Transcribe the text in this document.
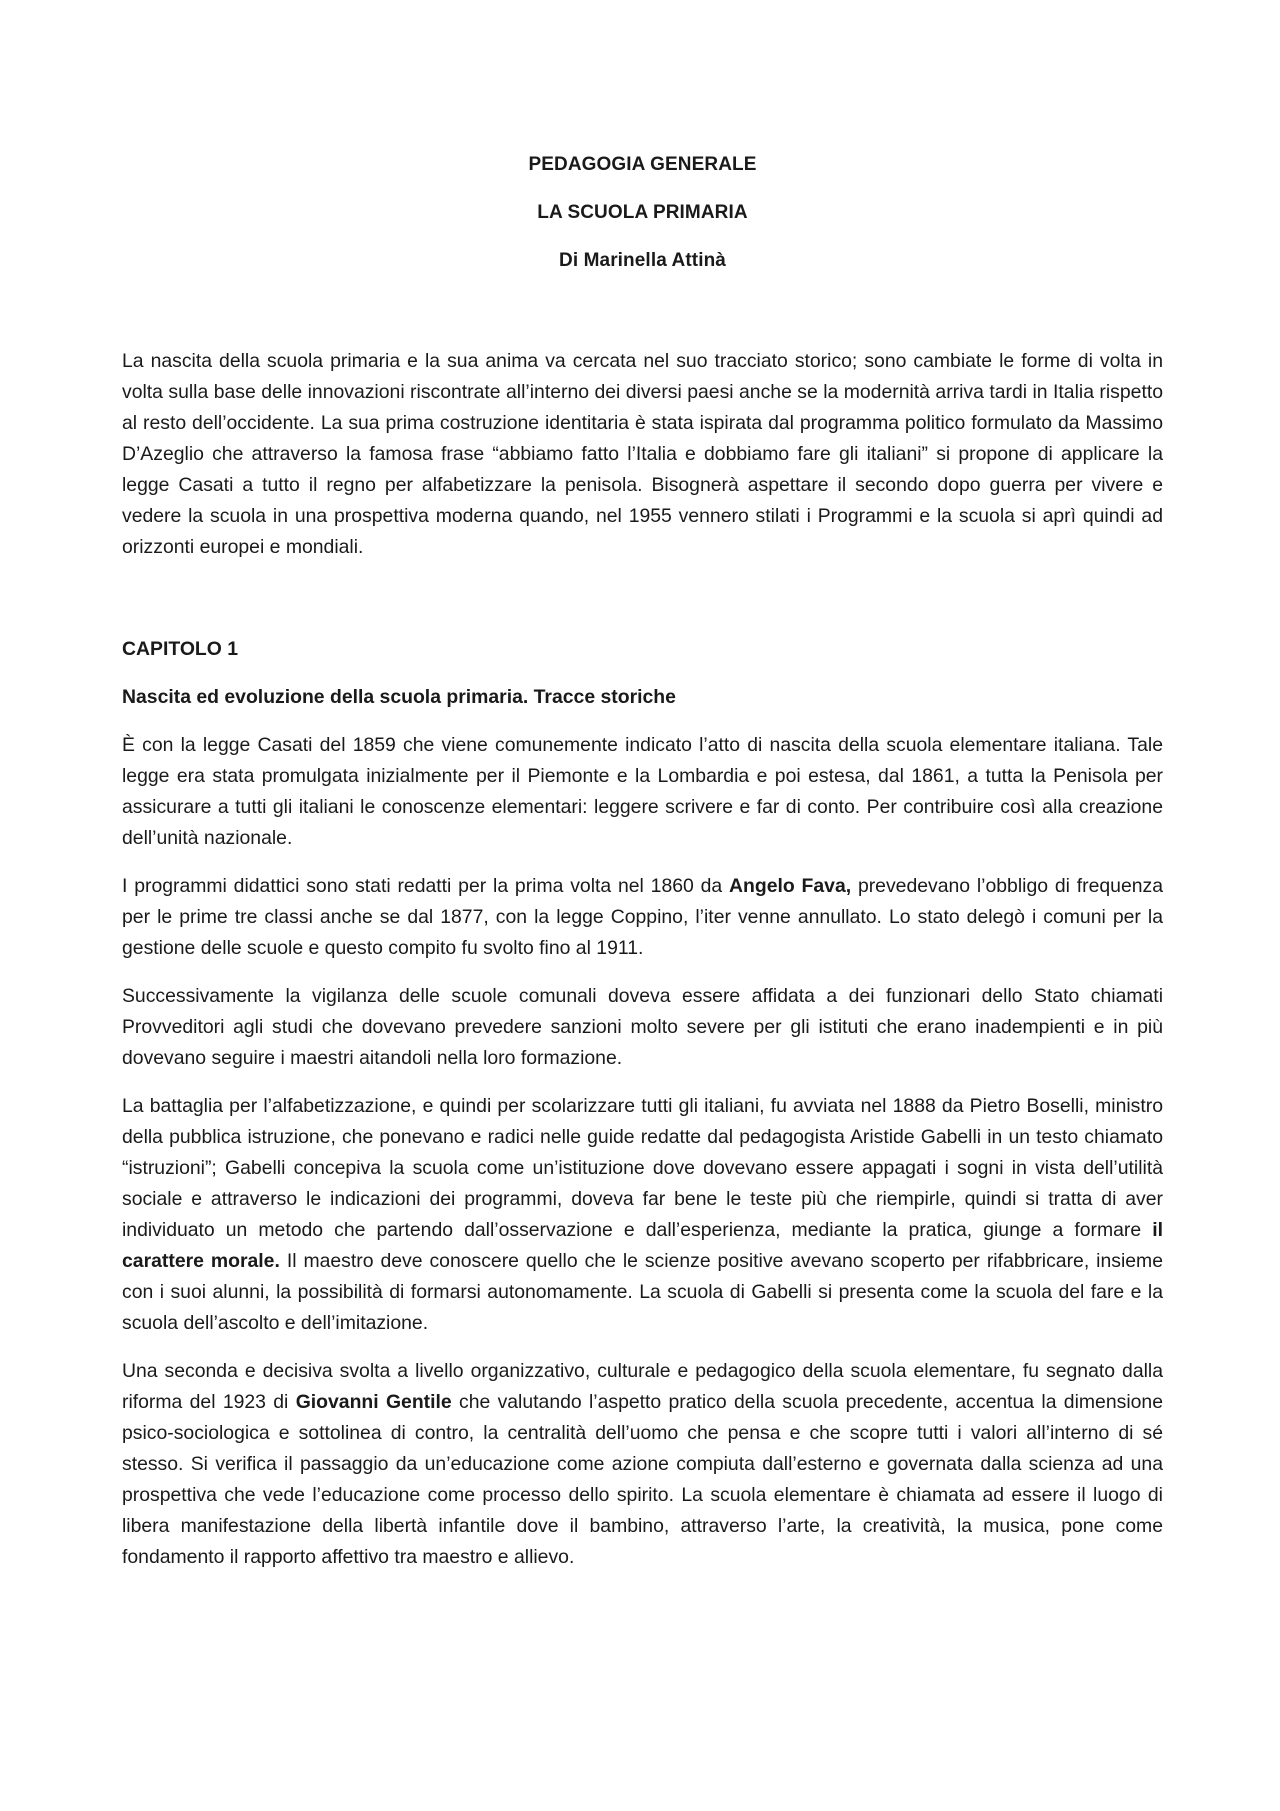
PEDAGOGIA GENERALE

LA SCUOLA PRIMARIA

Di Marinella Attinà

La nascita della scuola primaria e la sua anima va cercata nel suo tracciato storico; sono cambiate le forme di volta in volta sulla base delle innovazioni riscontrate all’interno dei diversi paesi anche se la modernità arriva tardi in Italia rispetto al resto dell’occidente. La sua prima costruzione identitaria è stata ispirata dal programma politico formulato da Massimo D’Azeglio che attraverso la famosa frase “abbiamo fatto l’Italia e dobbiamo fare gli italiani” si propone di applicare la legge Casati a tutto il regno per alfabetizzare la penisola. Bisognerà aspettare il secondo dopo guerra per vivere e vedere la scuola in una prospettiva moderna quando, nel 1955 vennero stilati i Programmi e la scuola si aprì quindi ad orizzonti europei e mondiali.

CAPITOLO 1

Nascita ed evoluzione della scuola primaria. Tracce storiche

È con la legge Casati del 1859 che viene comunemente indicato l’atto di nascita della scuola elementare italiana. Tale legge era stata promulgata inizialmente per il Piemonte e la Lombardia e poi estesa, dal 1861, a tutta la Penisola per assicurare a tutti gli italiani le conoscenze elementari: leggere scrivere e far di conto. Per contribuire così alla creazione dell’unità nazionale.

I programmi didattici sono stati redatti per la prima volta nel 1860 da Angelo Fava, prevedevano l’obbligo di frequenza per le prime tre classi anche se dal 1877, con la legge Coppino, l’iter venne annullato. Lo stato delegò i comuni per la gestione delle scuole e questo compito fu svolto fino al 1911.

Successivamente la vigilanza delle scuole comunali doveva essere affidata a dei funzionari dello Stato chiamati Provveditori agli studi che dovevano prevedere sanzioni molto severe per gli istituti che erano inadempienti e in più dovevano seguire i maestri aitandoli nella loro formazione.

La battaglia per l’alfabetizzazione, e quindi per scolarizzare tutti gli italiani, fu avviata nel 1888 da Pietro Boselli, ministro della pubblica istruzione, che ponevano e radici nelle guide redatte dal pedagogista Aristide Gabelli in un testo chiamato “istruzioni”; Gabelli concepiva la scuola come un’istituzione dove dovevano essere appagati i sogni in vista dell’utilità sociale e attraverso le indicazioni dei programmi, doveva far bene le teste più che riempirle, quindi si tratta di aver individuato un metodo che partendo dall’osservazione e dall’esperienza, mediante la pratica, giunge a formare il carattere morale. Il maestro deve conoscere quello che le scienze positive avevano scoperto per rifabbricare, insieme con i suoi alunni, la possibilità di formarsi autonomamente. La scuola di Gabelli si presenta come la scuola del fare e la scuola dell’ascolto e dell’imitazione.

Una seconda e decisiva svolta a livello organizzativo, culturale e pedagogico della scuola elementare, fu segnato dalla riforma del 1923 di Giovanni Gentile che valutando l’aspetto pratico della scuola precedente, accentua la dimensione psico-sociologica e sottolinea di contro, la centralità dell’uomo che pensa e che scopre tutti i valori all’interno di sé stesso. Si verifica il passaggio da un’educazione come azione compiuta dall’esterno e governata dalla scienza ad una prospettiva che vede l’educazione come processo dello spirito. La scuola elementare è chiamata ad essere il luogo di libera manifestazione della libertà infantile dove il bambino, attraverso l’arte, la creatività, la musica, pone come fondamento il rapporto affettivo tra maestro e allievo.
